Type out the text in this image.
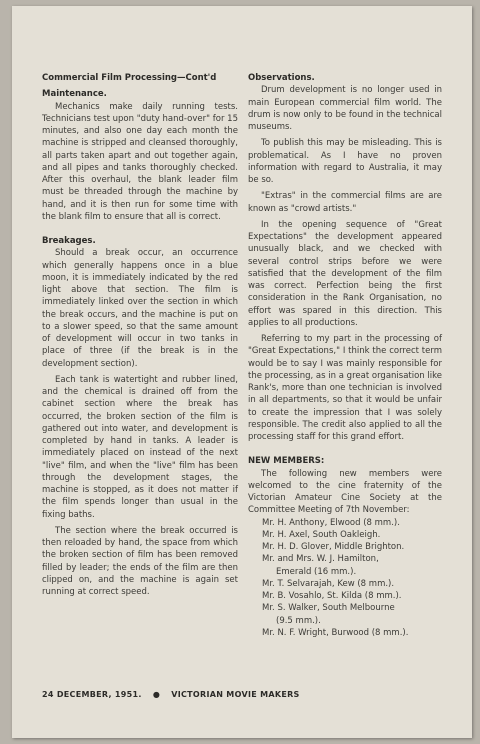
Commercial Film Processing—Cont'd
Maintenance.

Mechanics make daily running tests. Technicians test upon "duty hand-over" for 15 minutes, and also one day each month the machine is stripped and cleansed thoroughly, all parts taken apart and out together again, and all pipes and tanks thoroughly checked. After this overhaul, the blank leader film must be threaded through the machine by hand, and it is then run for some time with the blank film to ensure that all is correct.

Breakages.

Should a break occur, an occurrence which generally happens once in a blue moon, it is immediately indicated by the red light above that section. The film is immediately linked over the section in which the break occurs, and the machine is put on to a slower speed, so that the same amount of development will occur in two tanks in place of three (if the break is in the development section).

Each tank is watertight and rubber lined, and the chemical is drained off from the cabinet section where the break has occurred, the broken section of the film is gathered out into water, and development is completed by hand in tanks. A leader is immediately placed on instead of the next "live" film, and when the "live" film has been through the development stages, the machine is stopped, as it does not matter if the film spends longer than usual in the fixing baths.

The section where the break occurred is then reloaded by hand, the space from which the broken section of film has been removed filled by leader; the ends of the film are then clipped on, and the machine is again set running at correct speed.

Observations.

Drum development is no longer used in main European commercial film world. The drum is now only to be found in the technical museums.

To publish this may be misleading. This is problematical. As I have no proven information with regard to Australia, it may be so.

"Extras" in the commercial films are are known as "crowd artists."

In the opening sequence of "Great Expectations" the development appeared unusually black, and we checked with several control strips before we were satisfied that the development of the film was correct. Perfection being the first consideration in the Rank Organisation, no effort was spared in this direction. This applies to all productions.

Referring to my part in the processing of "Great Expectations," I think the correct term would be to say I was mainly responsible for the processing, as in a great organisation like Rank's, more than one technician is involved in all departments, so that it would be unfair to create the impression that I was solely responsible. The credit also applied to all the processing staff for this grand effort.

NEW MEMBERS:

The following new members were welcomed to the cine fraternity of the Victorian Amateur Cine Society at the Committee Meeting of 7th November:

Mr. H. Anthony, Elwood (8 mm.).
Mr. H. Axel, South Oakleigh.
Mr. H. D. Glover, Middle Brighton.
Mr. and Mrs. W. J. Hamilton,
Emerald (16 mm.).
Mr. T. Selvarajah, Kew (8 mm.).
Mr. B. Vosahlo, St. Kilda (8 mm.).
Mr. S. Walker, South Melbourne
(9.5 mm.).
Mr. N. F. Wright, Burwood (8 mm.).
24 DECEMBER, 1951. ● VICTORIAN MOVIE MAKERS
